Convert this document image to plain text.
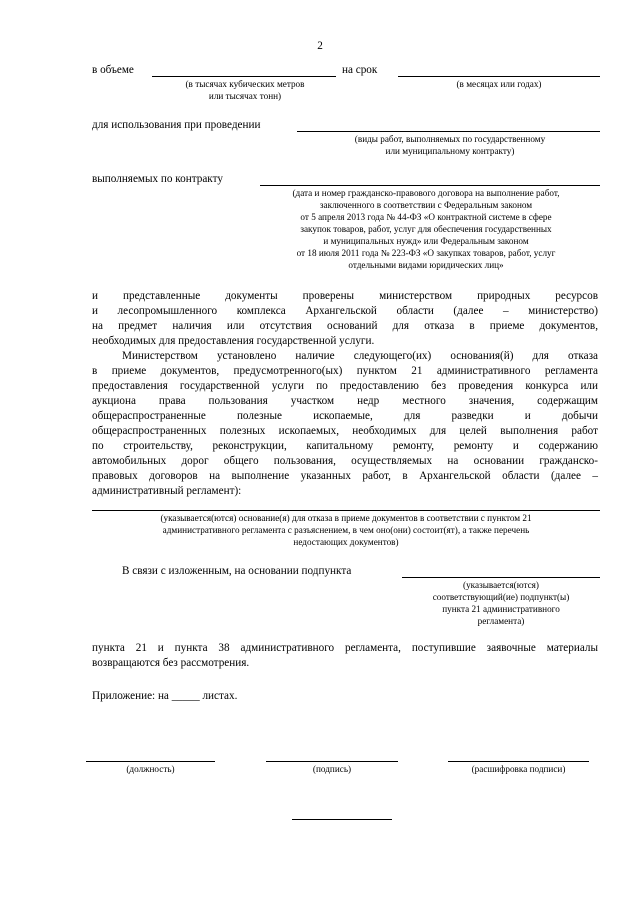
2
в объеме
(в тысячах кубических метров
или тысячах тонн)
на срок
(в месяцах или годах)
для использования при проведении
(виды работ, выполняемых по государственному
или муниципальному контракту)
выполняемых по контракту
(дата и номер гражданско-правового договора на выполнение работ,
заключенного в соответствии с Федеральным законом
от 5 апреля 2013 года № 44-ФЗ «О контрактной системе в сфере
закупок товаров, работ, услуг для обеспечения государственных
и муниципальных нужд» или Федеральным законом
от 18 июля 2011 года № 223-ФЗ «О закупках товаров, работ, услуг
отдельными видами юридических лиц»
и представленные документы проверены министерством природных ресурсов
и лесопромышленного комплекса Архангельской области (далее – министерство)
на предмет наличия или отсутствия оснований для отказа в приеме документов,
необходимых для предоставления государственной услуги.
Министерством установлено наличие следующего(их) основания(й) для отказа
в приеме документов, предусмотренного(ых) пунктом 21 административного регламента
предоставления государственной услуги по предоставлению без проведения конкурса или
аукциона права пользования участком недр местного значения, содержащим
общераспространенные полезные ископаемые, для разведки и добычи
общераспространенных полезных ископаемых, необходимых для целей выполнения работ
по строительству, реконструкции, капитальному ремонту, ремонту и содержанию
автомобильных дорог общего пользования, осуществляемых на основании гражданско-
правовых договоров на выполнение указанных работ, в Архангельской области (далее –
административный регламент):
(указывается(ются) основание(я) для отказа в приеме документов в соответствии с пунктом 21
административного регламента с разъяснением, в чем оно(они) состоит(ят), а также перечень
недостающих документов)
В связи с изложенным, на основании подпункта
(указывается(ются)
соответствующий(ие) подпункт(ы)
пункта 21 административного
регламента)
пункта 21 и пункта 38 административного регламента, поступившие заявочные материалы
возвращаются без рассмотрения.
Приложение: на _____ листах.
(должность)	(подпись)	(расшифровка подписи)
